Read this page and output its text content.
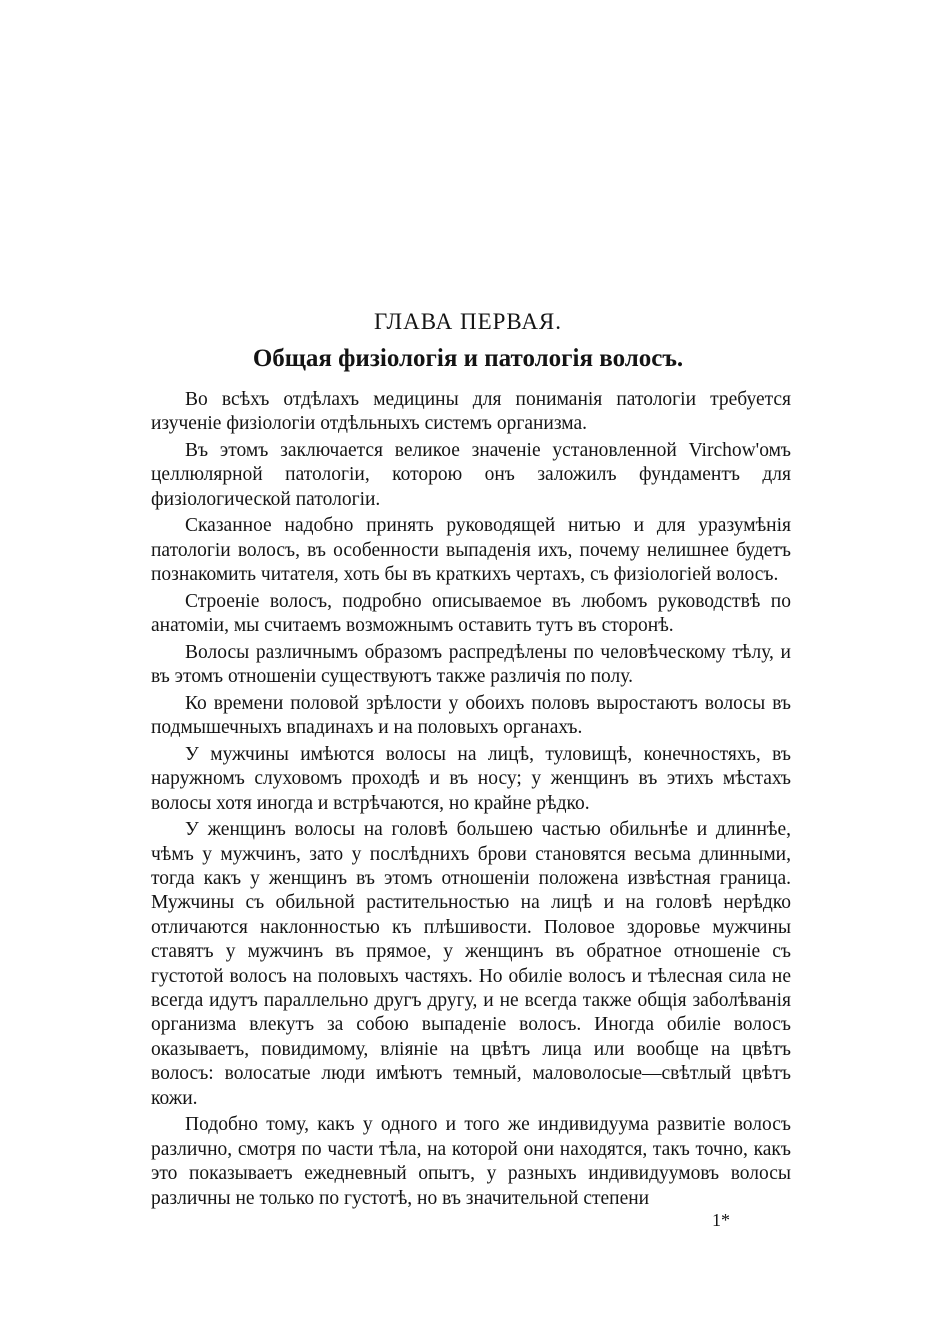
ГЛАВА ПЕРВАЯ.
Общая физіологія и патологія волосъ.

Во всѣхъ отдѣлахъ медицины для пониманія патологіи требуется изученіе физіологіи отдѣльныхъ системъ организма.

Въ этомъ заключается великое значеніе установленной Virchow'омъ целлюлярной патологіи, которою онъ заложилъ фундаментъ для физіологической патологіи.

Сказанное надобно принять руководящей нитью и для уразумѣнія патологіи волосъ, въ особенности выпаденія ихъ, почему нелишнее будетъ познакомить читателя, хоть бы въ краткихъ чертахъ, съ физіологіей волосъ.

Строеніе волосъ, подробно описываемое въ любомъ руководствѣ по анатоміи, мы считаемъ возможнымъ оставить тутъ въ сторонѣ.

Волосы различнымъ образомъ распредѣлены по человѣческому тѣлу, и въ этомъ отношеніи существуютъ также различія по полу.

Ко времени половой зрѣлости у обоихъ половъ выростаютъ волосы въ подмышечныхъ впадинахъ и на половыхъ органахъ.

У мужчины имѣются волосы на лицѣ, туловищѣ, конечностяхъ, въ наружномъ слуховомъ проходѣ и въ носу; у женщинъ въ этихъ мѣстахъ волосы хотя иногда и встрѣчаются, но крайне рѣдко.

У женщинъ волосы на головѣ большею частью обильнѣе и длиннѣе, чѣмъ у мужчинъ, зато у послѣднихъ брови становятся весьма длинными, тогда какъ у женщинъ въ этомъ отношеніи положена извѣстная граница. Мужчины съ обильной растительностью на лицѣ и на головѣ нерѣдко отличаются наклонностью къ плѣшивости. Половое здоровье мужчины ставятъ у мужчинъ въ прямое, у женщинъ въ обратное отношеніе съ густотой волосъ на половыхъ частяхъ. Но обиліе волосъ и тѣлесная сила не всегда идутъ параллельно другъ другу, и не всегда также общія заболѣванія организма влекутъ за собою выпаденіе волосъ. Иногда обиліе волосъ оказываетъ, повидимому, вліяніе на цвѣтъ лица или вообще на цвѣтъ волосъ: волосатые люди имѣютъ темный, маловолосые—свѣтлый цвѣтъ кожи.

Подобно тому, какъ у одного и того же индивидуума развитіе волосъ различно, смотря по части тѣла, на которой они находятся, такъ точно, какъ это показываетъ ежедневный опытъ, у разныхъ индивидуумовъ волосы различны не только по густотѣ, но въ значительной степени

1*
